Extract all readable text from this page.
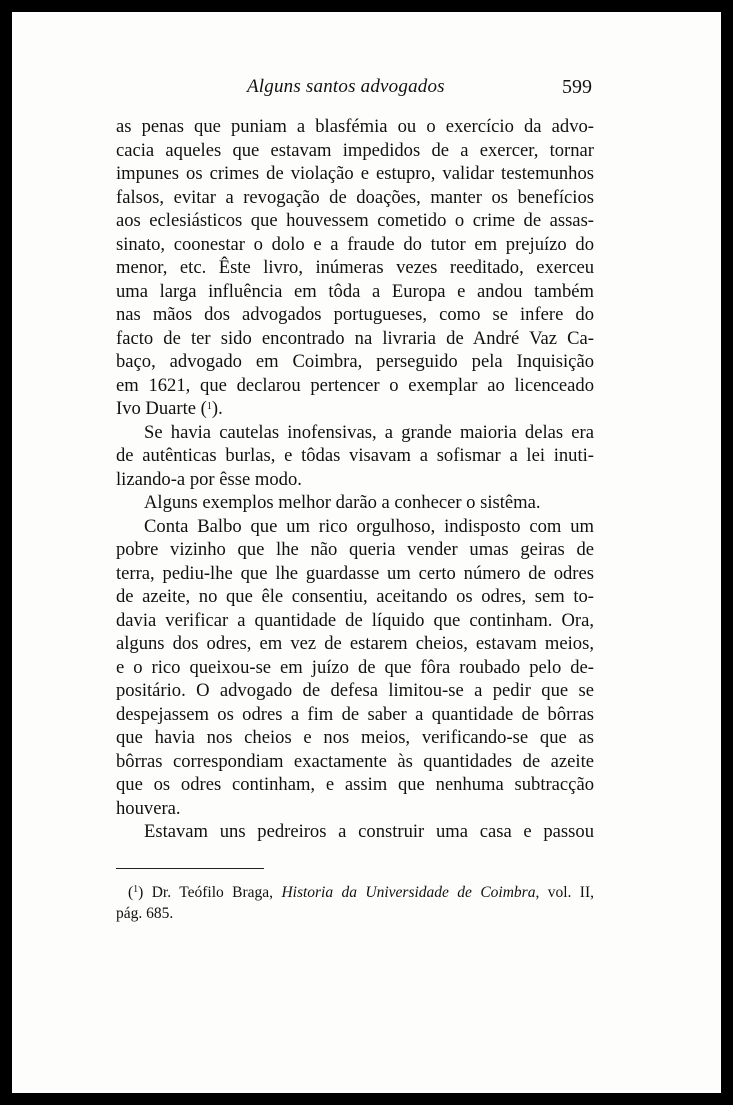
Alguns santos advogados	599
as penas que puniam a blasfémia ou o exercício da advo-
cacia aqueles que estavam impedidos de a exercer, tornar
impunes os crimes de violação e estupro, validar testemunhos
falsos, evitar a revogação de doações, manter os benefícios
aos eclesiásticos que houvessem cometido o crime de assas-
sinato, coonestar o dolo e a fraude do tutor em prejuízo do
menor, etc. Êste livro, inúmeras vezes reeditado, exerceu
uma larga influência em tôda a Europa e andou também
nas mãos dos advogados portugueses, como se infere do
facto de ter sido encontrado na livraria de André Vaz Ca-
baço, advogado em Coimbra, perseguido pela Inquisição
em 1621, que declarou pertencer o exemplar ao licenceado
Ivo Duarte ($^1$).
Se havia cautelas inofensivas, a grande maioria delas era
de autênticas burlas, e tôdas visavam a sofismar a lei inuti-
lizando-a por êsse modo.
Alguns exemplos melhor darão a conhecer o sistêma.
Conta Balbo que um rico orgulhoso, indisposto com um
pobre vizinho que lhe não queria vender umas geiras de
terra, pediu-lhe que lhe guardasse um certo número de odres
de azeite, no que êle consentiu, aceitando os odres, sem to-
davia verificar a quantidade de líquido que continham. Ora,
alguns dos odres, em vez de estarem cheios, estavam meios,
e o rico queixou-se em juízo de que fôra roubado pelo de-
positário. O advogado de defesa limitou-se a pedir que se
despejassem os odres a fim de saber a quantidade de bôrras
que havia nos cheios e nos meios, verificando-se que as
bôrras correspondiam exactamente às quantidades de azeite
que os odres continham, e assim que nenhuma subtracção
houvera.
Estavam uns pedreiros a construir uma casa e passou
($^1$) Dr. Teófilo Braga, Historia da Universidade de Coimbra, vol. II,
pág. 685.
